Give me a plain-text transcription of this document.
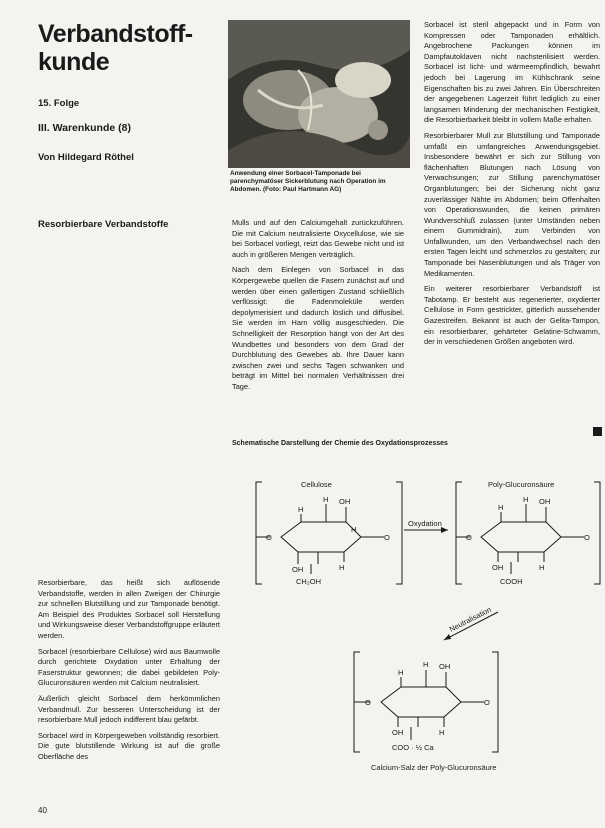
Verbandstoff-
kunde
15. Folge
III. Warenkunde (8)
Von Hildegard Röthel
Resorbierbare Verbandstoffe
Anwendung einer Sorbacel-Tamponade bei parenchymatöser Sickerblutung nach Operation im Abdomen. (Foto: Paul Hartmann AG)

Resorbierbare, das heißt sich auflösende Verbandstoffe, werden in allen Zweigen der Chirurgie zur schnellen Blutstillung und zur Tamponade benötigt. Am Beispiel des Produktes Sorbacel soll Herstellung und Wirkungsweise dieser Verbandstoffgruppe erläutert werden.

Sorbacel (resorbierbare Cellulose) wird aus Baumwolle durch gerichtete Oxydation unter Erhaltung der Faserstruktur gewonnen; die dabei gebildeten Poly-Glucuronsäuren werden mit Calcium neutralisiert.

Äußerlich gleicht Sorbacel dem herkömmlichen Verbandmull. Zur besseren Unterscheidung ist der resorbierbare Mull jedoch indifferent blau gefärbt.

Sorbacel wird in Körpergeweben vollständig resorbiert. Die gute blutstillende Wirkung ist auf die große Oberfläche des

Mulls und auf den Calciumgehalt zurückzuführen. Die mit Calcium neutralisierte Oxycellulose, wie sie bei Sorbacel vorliegt, reizt das Gewebe nicht und ist auch in größeren Mengen verträglich.

Nach dem Einlegen von Sorbacel in das Körpergewebe quellen die Fasern zunächst auf und werden über einen gallertigen Zustand schließlich verflüssigt: die Fadenmoleküle werden depolymerisiert und dadurch löslich und diffusibel. Sie werden im Harn völlig ausgeschieden. Die Schnelligkeit der Resorption hängt von der Art des Wundbettes und besonders von dem Grad der Durchblutung des Gewebes ab. Ihre Dauer kann zwischen zwei und sechs Tagen schwanken und beträgt im Mittel bei normalen Verhältnissen drei Tage.

Sorbacel ist steril abgepackt und in Form von Kompressen oder Tamponaden erhältlich. Angebrochene Packungen können im Dampfautoklaven nicht nachsterilisiert werden. Sorbacel ist licht- und wärmeempfindlich, bewahrt jedoch bei Lagerung im Kühlschrank seine Eigenschaften bis zu zwei Jahren. Ein Überschreiten der angegebenen Lagerzeit führt lediglich zu einer langsamen Minderung der mechanischen Festigkeit, die Resorbierbarkeit bleibt in vollem Maße erhalten.

Resorbierbarer Mull zur Blutstillung und Tamponade umfaßt ein umfangreiches Anwendungsgebiet. Insbesondere bewährt er sich zur Stillung von flächenhaften Blutungen nach Lösung von Verwachsungen; zur Stillung parenchymatöser Organblutungen; bei der Sicherung nicht ganz zuverlässiger Nähte im Abdomen; beim Offenhalten von Operationswunden, die keinen primären Wundverschluß zulassen (unter Umständen neben einem Gummidrain), zum Verbinden von Unfallwunden, um den Verbandwechsel nach den ersten Tagen leicht und schmerzlos zu gestalten; zur Tamponade bei Nasenblutungen und als Träger von Medikamenten.

Ein weiterer resorbierbarer Verbandstoff ist Tabotamp. Er besteht aus regenerierter, oxydierter Cellulose in Form gestrickter, gitterlich aussehender Gazestreifen. Bekannt ist auch der Gelita-Tampon, ein resorbierbarer, gehärteter Gelatine-Schwamm, der in verschiedenen Größen angeboten wird.

Schematische Darstellung der Chemie des Oxydationsprozesses
Cellulose	Poly-Glucuronsäure
Oxydation
Neutralisation
Calcium-Salz der Poly-Glucuronsäure
O	O
H
OH
H
OH	H
H
CH₂OH
O	O
H
OH
H
OH	H
COOH
O	O
H
OH
H
OH	H
COO · ½ Ca
40
